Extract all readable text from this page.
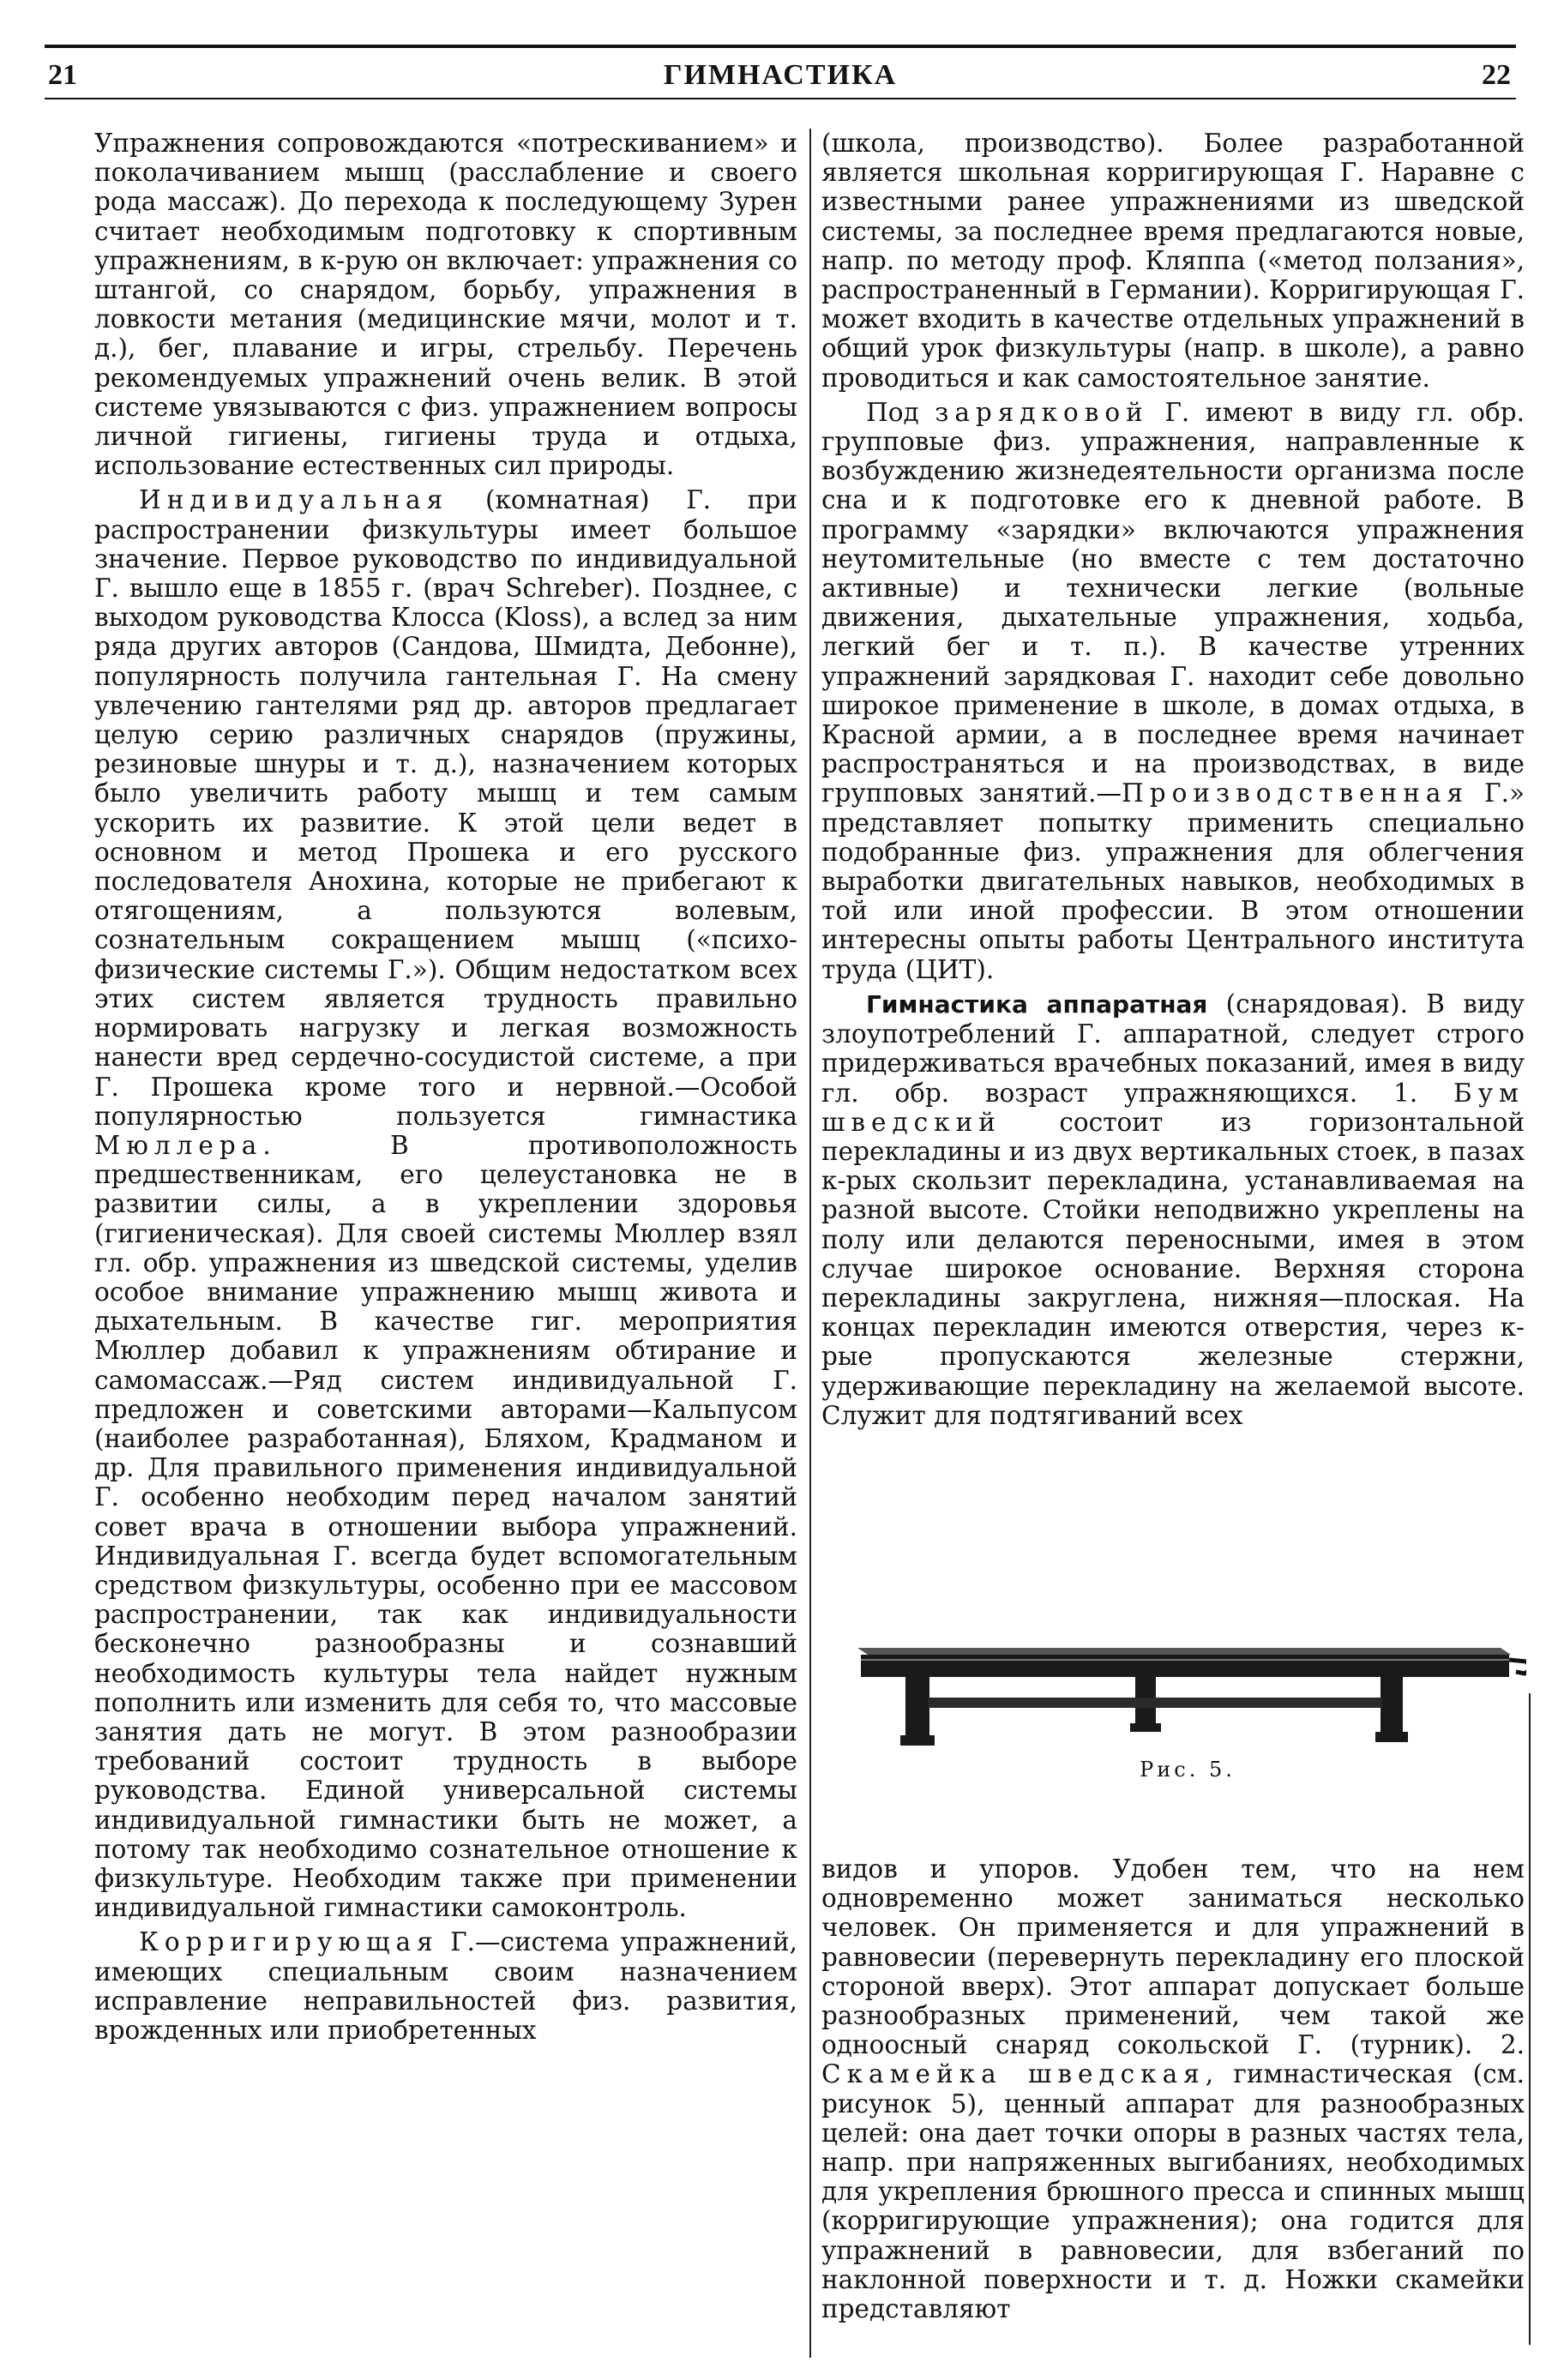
21	ГИМНАСТИКА	22

Упражнения сопровождаются «потрескиванием» и поколачиванием мышц (расслабление и своего рода массаж). До перехода к последующему Зурен считает необходимым подготовку к спортивным упражнениям, в к-рую он включает: упражнения со штангой, со снарядом, борьбу, упражнения в ловкости метания (медицинские мячи, молот и т. д.), бег, плавание и игры, стрельбу. Перечень рекомендуемых упражнений очень велик. В этой системе увязываются с физ. упражнением вопросы личной гигиены, гигиены труда и отдыха, использование естественных сил природы.

Индивидуальная (комнатная) Г. при распространении физкультуры имеет большое значение. Первое руководство по индивидуальной Г. вышло еще в 1855 г. (врач Schreber). Позднее, с выходом руководства Клосса (Kloss), а вслед за ним ряда других авторов (Сандова, Шмидта, Дебонне), популярность получила гантельная Г. На смену увлечению гантелями ряд др. авторов предлагает целую серию различных снарядов (пружины, резиновые шнуры и т. д.), назначением которых было увеличить работу мышц и тем самым ускорить их развитие. К этой цели ведет в основном и метод Прошека и его русского последователя Анохина, которые не прибегают к отягощениям, а пользуются волевым, сознательным сокращением мышц («психо-физические системы Г.»). Общим недостатком всех этих систем является трудность правильно нормировать нагрузку и легкая возможность нанести вред сердечно-сосудистой системе, а при Г. Прошека кроме того и нервной.—Особой популярностью пользуется гимнастика Мюллера. В противоположность предшественникам, его целеустановка не в развитии силы, а в укреплении здоровья (гигиеническая). Для своей системы Мюллер взял гл. обр. упражнения из шведской системы, уделив особое внимание упражнению мышц живота и дыхательным. В качестве гиг. мероприятия Мюллер добавил к упражнениям обтирание и самомассаж.—Ряд систем индивидуальной Г. предложен и советскими авторами—Кальпусом (наиболее разработанная), Бляхом, Крадманом и др. Для правильного применения индивидуальной Г. особенно необходим перед началом занятий совет врача в отношении выбора упражнений. Индивидуальная Г. всегда будет вспомогательным средством физкультуры, особенно при ее массовом распространении, так как индивидуальности бесконечно разнообразны и сознавший необходимость культуры тела найдет нужным пополнить или изменить для себя то, что массовые занятия дать не могут. В этом разнообразии требований состоит трудность в выборе руководства. Единой универсальной системы индивидуальной гимнастики быть не может, а потому так необходимо сознательное отношение к физкультуре. Необходим также при применении индивидуальной гимнастики самоконтроль.

Корригирующая Г.—система упражнений, имеющих специальным своим назначением исправление неправильностей физ. развития, врожденных или приобретенных

(школа, производство). Более разработанной является школьная корригирующая Г. Наравне с известными ранее упражнениями из шведской системы, за последнее время предлагаются новые, напр. по методу проф. Кляппа («метод ползания», распространенный в Германии). Корригирующая Г. может входить в качестве отдельных упражнений в общий урок физкультуры (напр. в школе), а равно проводиться и как самостоятельное занятие.

Под зарядковой Г. имеют в виду гл. обр. групповые физ. упражнения, направленные к возбуждению жизнедеятельности организма после сна и к подготовке его к дневной работе. В программу «зарядки» включаются упражнения неутомительные (но вместе с тем достаточно активные) и технически легкие (вольные движения, дыхательные упражнения, ходьба, легкий бег и т. п.). В качестве утренних упражнений зарядковая Г. находит себе довольно широкое применение в школе, в домах отдыха, в Красной армии, а в последнее время начинает распространяться и на производствах, в виде групповых занятий.—Производственная Г.» представляет попытку применить специально подобранные физ. упражнения для облегчения выработки двигательных навыков, необходимых в той или иной профессии. В этом отношении интересны опыты работы Центрального института труда (ЦИТ).

Гимнастика аппаратная (снарядовая). В виду злоупотреблений Г. аппаратной, следует строго придерживаться врачебных показаний, имея в виду гл. обр. возраст упражняющихся. 1. Бум шведский состоит из горизонтальной перекладины и из двух вертикальных стоек, в пазах к-рых скользит перекладина, устанавливаемая на разной высоте. Стойки неподвижно укреплены на полу или делаются переносными, имея в этом случае широкое основание. Верхняя сторона перекладины закруглена, нижняя—плоская. На концах перекладин имеются отверстия, через к-рые пропускаются железные стержни, удерживающие перекладину на желаемой высоте. Служит для подтягиваний всех

Рис. 5.

видов и упоров. Удобен тем, что на нем одновременно может заниматься несколько человек. Он применяется и для упражнений в равновесии (перевернуть перекладину его плоской стороной вверх). Этот аппарат допускает больше разнообразных применений, чем такой же одноосный снаряд сокольской Г. (турник). 2. Скамейка шведская, гимнастическая (см. рисунок 5), ценный аппарат для разнообразных целей: она дает точки опоры в разных частях тела, напр. при напряженных выгибаниях, необходимых для укрепления брюшного пресса и спинных мышц (корригирующие упражнения); она годится для упражнений в равновесии, для взбеганий по наклонной поверхности и т. д. Ножки скамейки представляют
